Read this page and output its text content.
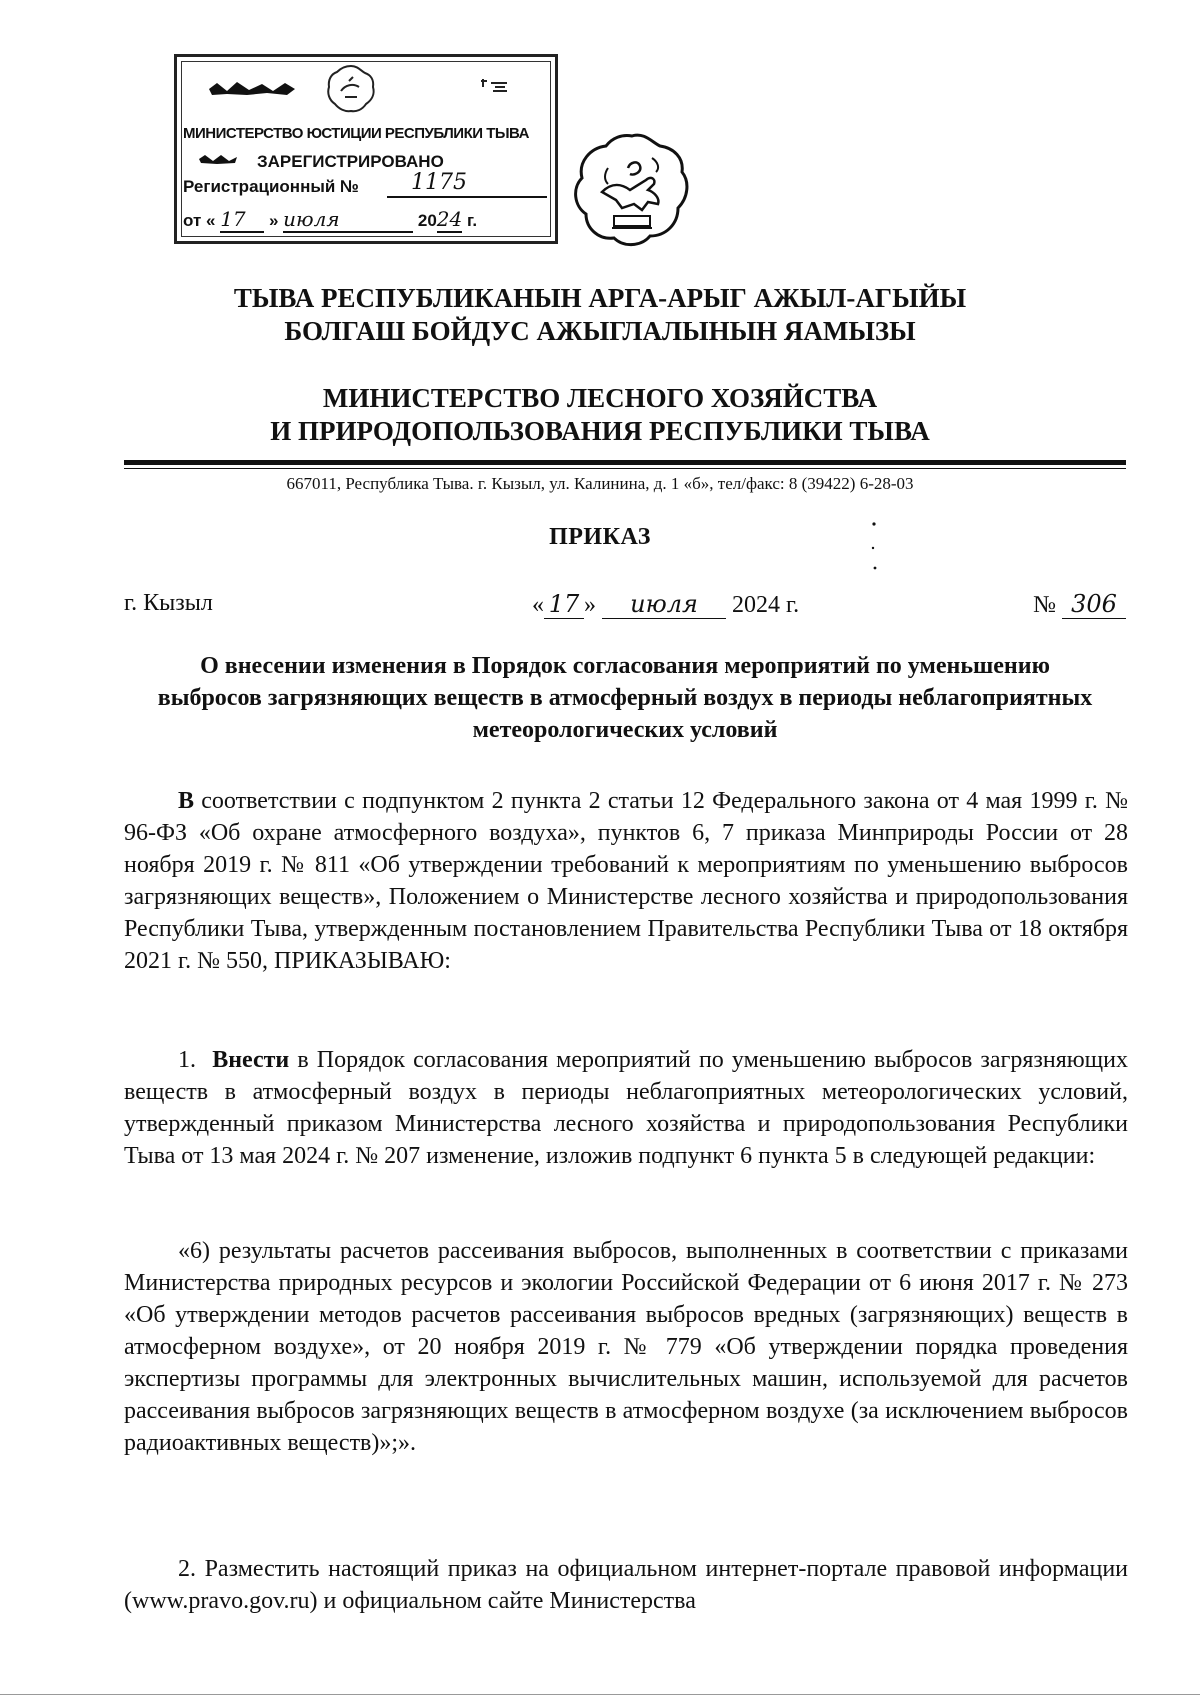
МИНИСТЕРСТВО ЮСТИЦИИ РЕСПУБЛИКИ ТЫВА
ЗАРЕГИСТРИРОВАНО
Регистрационный №	1175
от « 17 » июля	2024 г.
ТЫВА РЕСПУБЛИКАНЫН АРГА-АРЫГ АЖЫЛ-АГЫЙЫ
БОЛГАШ БОЙДУС АЖЫГЛАЛЫНЫН ЯАМЫЗЫ
МИНИСТЕРСТВО ЛЕСНОГО ХОЗЯЙСТВА
И ПРИРОДОПОЛЬЗОВАНИЯ РЕСПУБЛИКИ ТЫВА
667011, Республика Тыва. г. Кызыл, ул. Калинина, д. 1 «б», тел/факс: 8 (39422) 6-28-03
ПРИКАЗ
г. Кызыл	« 17 » июля 2024 г.	№ 306
О внесении изменения в Порядок согласования мероприятий по уменьшению выбросов загрязняющих веществ в атмосферный воздух в периоды неблагоприятных метеорологических условий
В соответствии с подпунктом 2 пункта 2 статьи 12 Федерального закона от 4 мая 1999 г. № 96-ФЗ «Об охране атмосферного воздуха», пунктов 6, 7 приказа Минприроды России от 28 ноября 2019 г. № 811 «Об утверждении требований к мероприятиям по уменьшению выбросов загрязняющих веществ», Положением о Министерстве лесного хозяйства и природопользования Республики Тыва, утвержденным постановлением Правительства Республики Тыва от 18 октября 2021 г. № 550, ПРИКАЗЫВАЮ:
1. Внести в Порядок согласования мероприятий по уменьшению выбросов загрязняющих веществ в атмосферный воздух в периоды неблагоприятных метеорологических условий, утвержденный приказом Министерства лесного хозяйства и природопользования Республики Тыва от 13 мая 2024 г. № 207 изменение, изложив подпункт 6 пункта 5 в следующей редакции:
«6) результаты расчетов рассеивания выбросов, выполненных в соответствии с приказами Министерства природных ресурсов и экологии Российской Федерации от 6 июня 2017 г. № 273 «Об утверждении методов расчетов рассеивания выбросов вредных (загрязняющих) веществ в атмосферном воздухе», от 20 ноября 2019 г. № 779 «Об утверждении порядка проведения экспертизы программы для электронных вычислительных машин, используемой для расчетов рассеивания выбросов загрязняющих веществ в атмосферном воздухе (за исключением выбросов радиоактивных веществ)»;».
2. Разместить настоящий приказ на официальном интернет-портале правовой информации (www.pravo.gov.ru) и официальном сайте Министерства
